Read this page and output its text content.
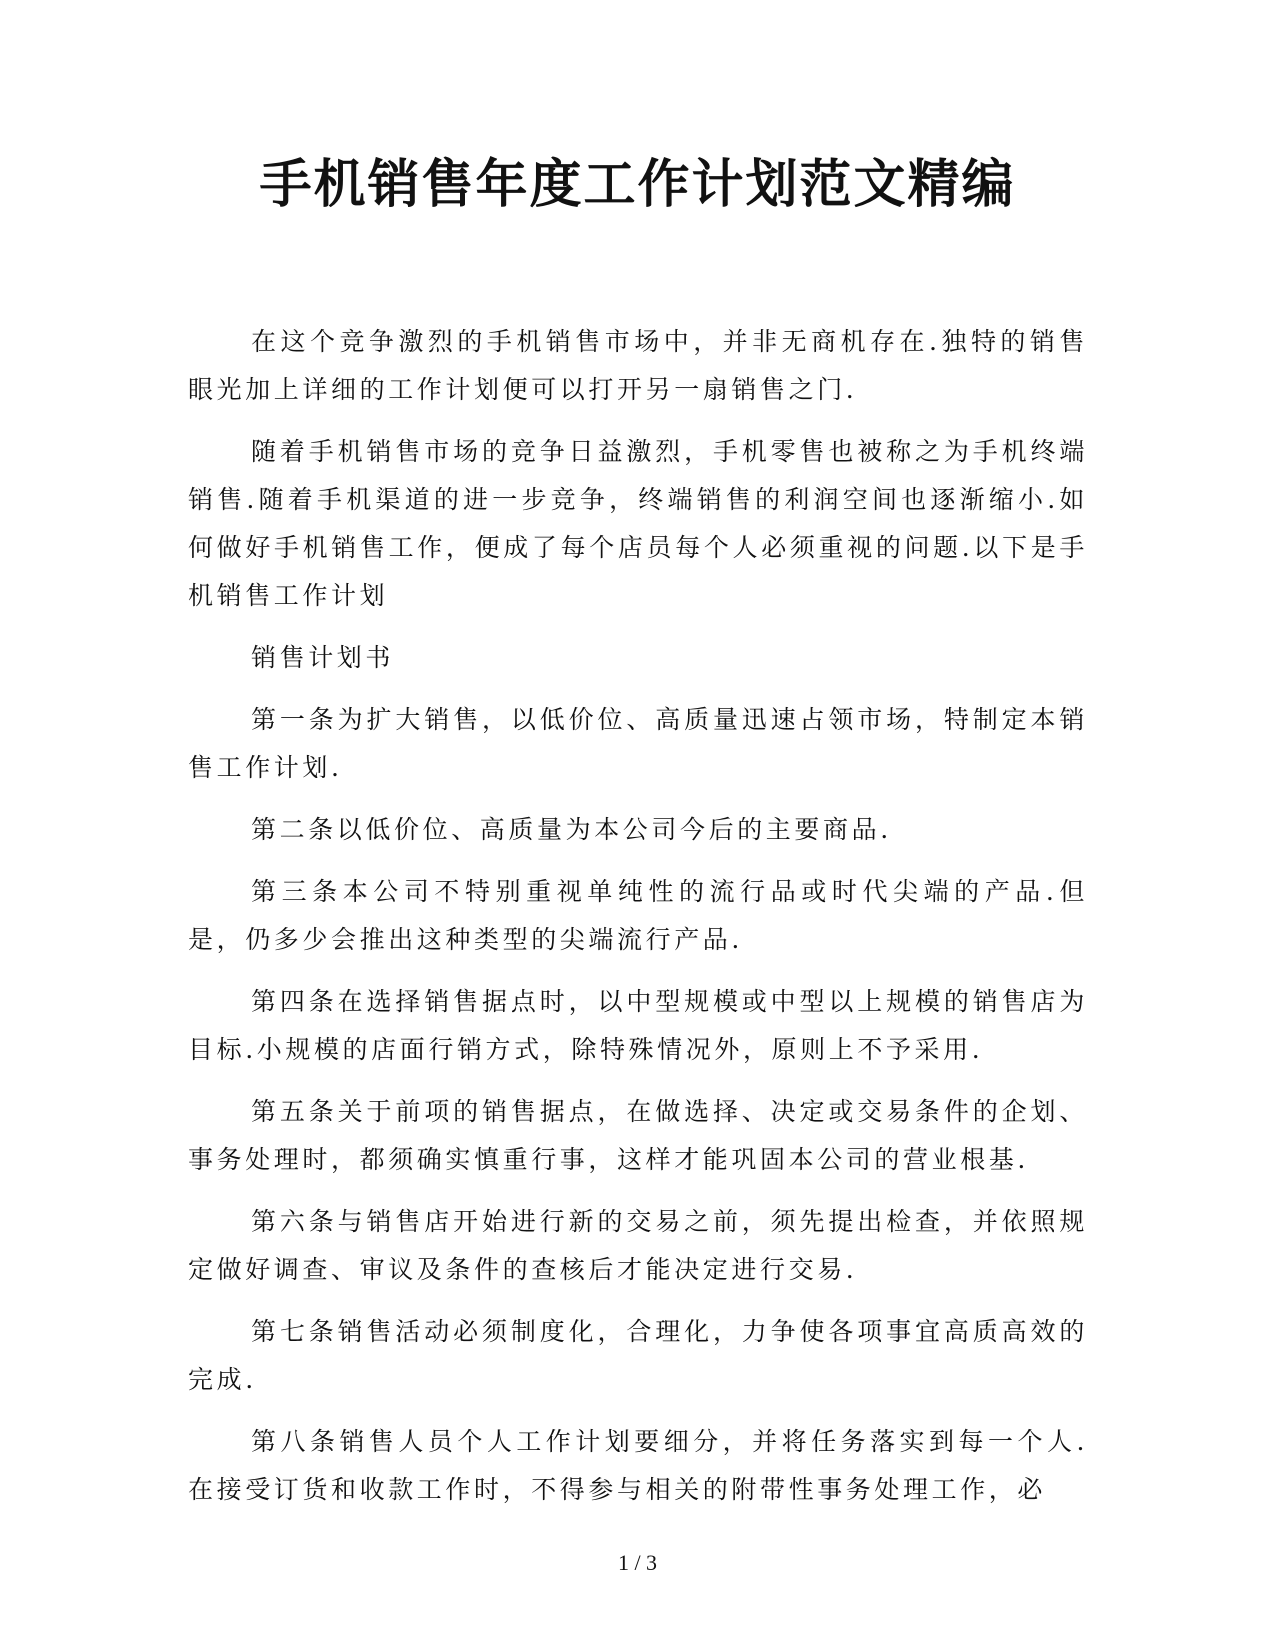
手机销售年度工作计划范文精编

在这个竞争激烈的手机销售市场中，并非无商机存在.独特的销售眼光加上详细的工作计划便可以打开另一扇销售之门.

随着手机销售市场的竞争日益激烈，手机零售也被称之为手机终端销售.随着手机渠道的进一步竞争，终端销售的利润空间也逐渐缩小.如何做好手机销售工作，便成了每个店员每个人必须重视的问题.以下是手机销售工作计划

销售计划书

第一条为扩大销售，以低价位、高质量迅速占领市场，特制定本销售工作计划.

第二条以低价位、高质量为本公司今后的主要商品.

第三条本公司不特别重视单纯性的流行品或时代尖端的产品.但是，仍多少会推出这种类型的尖端流行产品.

第四条在选择销售据点时，以中型规模或中型以上规模的销售店为目标.小规模的店面行销方式，除特殊情况外，原则上不予采用.

第五条关于前项的销售据点，在做选择、决定或交易条件的企划、事务处理时，都须确实慎重行事，这样才能巩固本公司的营业根基.

第六条与销售店开始进行新的交易之前，须先提出检查，并依照规定做好调查、审议及条件的查核后才能决定进行交易.

第七条销售活动必须制度化，合理化，力争使各项事宜高质高效的完成.

第八条销售人员个人工作计划要细分，并将任务落实到每一个人.在接受订货和收款工作时，不得参与相关的附带性事务处理工作，必

1 / 3
